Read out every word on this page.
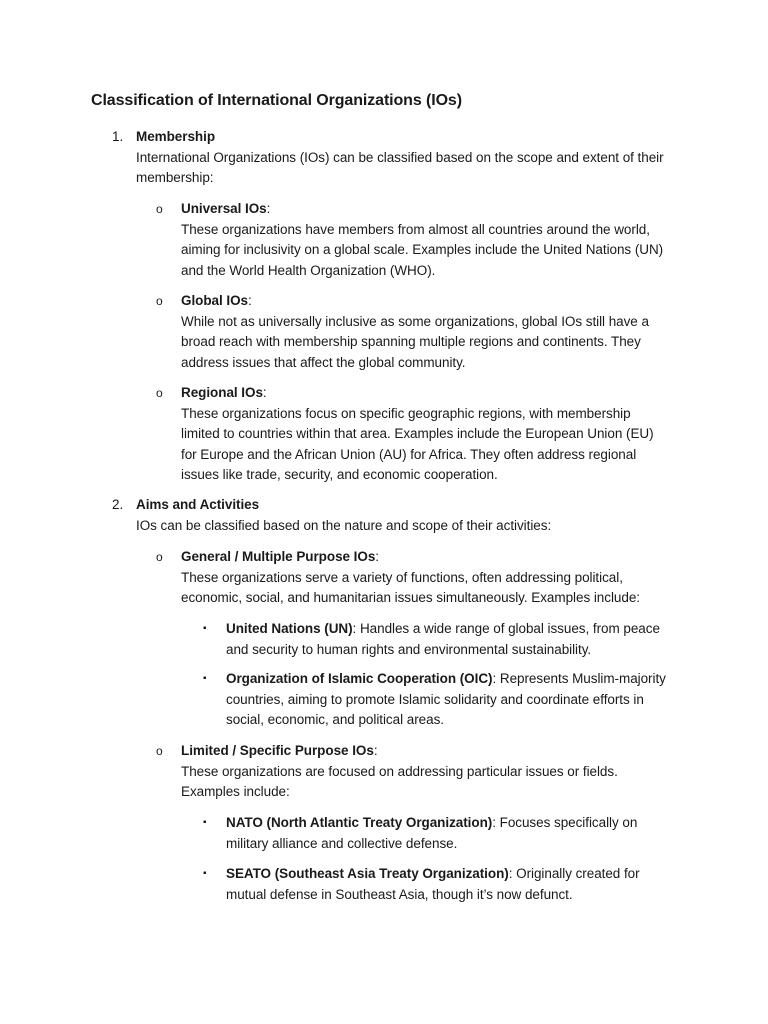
Classification of International Organizations (IOs)
1. Membership
International Organizations (IOs) can be classified based on the scope and extent of their
membership:
o Universal IOs:
These organizations have members from almost all countries around the world,
aiming for inclusivity on a global scale. Examples include the United Nations (UN)
and the World Health Organization (WHO).
o Global IOs:
While not as universally inclusive as some organizations, global IOs still have a
broad reach with membership spanning multiple regions and continents. They
address issues that affect the global community.
o Regional IOs:
These organizations focus on specific geographic regions, with membership
limited to countries within that area. Examples include the European Union (EU)
for Europe and the African Union (AU) for Africa. They often address regional
issues like trade, security, and economic cooperation.
2. Aims and Activities
IOs can be classified based on the nature and scope of their activities:
o General / Multiple Purpose IOs:
These organizations serve a variety of functions, often addressing political,
economic, social, and humanitarian issues simultaneously. Examples include:
▪ United Nations (UN): Handles a wide range of global issues, from peace
and security to human rights and environmental sustainability.
▪ Organization of Islamic Cooperation (OIC): Represents Muslim-majority
countries, aiming to promote Islamic solidarity and coordinate efforts in
social, economic, and political areas.
o Limited / Specific Purpose IOs:
These organizations are focused on addressing particular issues or fields.
Examples include:
▪ NATO (North Atlantic Treaty Organization): Focuses specifically on
military alliance and collective defense.
▪ SEATO (Southeast Asia Treaty Organization): Originally created for
mutual defense in Southeast Asia, though it’s now defunct.
